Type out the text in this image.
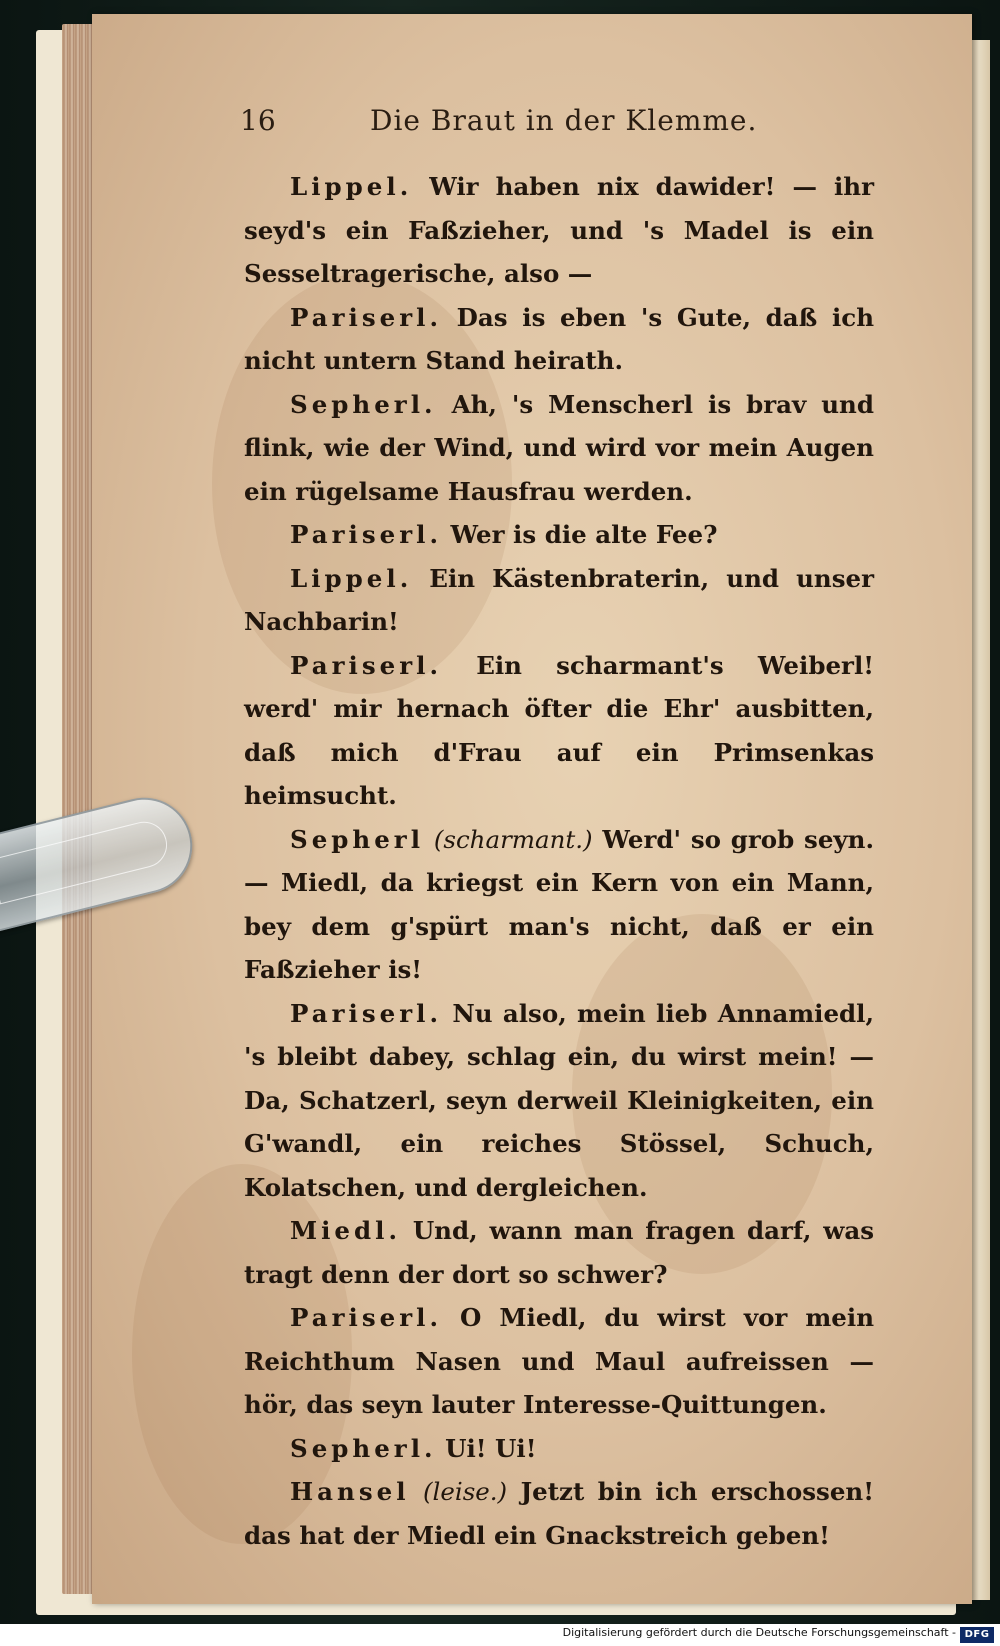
16	Die Braut in der Klemme.

Lippel. Wir haben nix dawider! — ihr seyd's ein Faßzieher, und 's Madel is ein Sesseltragerische, also —

Pariserl. Das is eben 's Gute, daß ich nicht untern Stand heirath.

Sepherl. Ah, 's Menscherl is brav und flink, wie der Wind, und wird vor mein Augen ein rügelsame Hausfrau werden.

Pariserl. Wer is die alte Fee?

Lippel. Ein Kästenbraterin, und unser Nachbarin!

Pariserl. Ein scharmant's Weiberl! werd' mir hernach öfter die Ehr' ausbitten, daß mich d'Frau auf ein Primsenkas heimsucht.

Sepherl (scharmant.) Werd' so grob seyn. — Miedl, da kriegst ein Kern von ein Mann, bey dem g'spürt man's nicht, daß er ein Faßzieher is!

Pariserl. Nu also, mein lieb Annamiedl, 's bleibt dabey, schlag ein, du wirst mein! — Da, Schatzerl, seyn derweil Kleinigkeiten, ein G'wandl, ein reiches Stössel, Schuch, Kolatschen, und dergleichen.

Miedl. Und, wann man fragen darf, was tragt denn der dort so schwer?

Pariserl. O Miedl, du wirst vor mein Reichthum Nasen und Maul aufreissen — hör, das seyn lauter Interesse-Quittungen.

Sepherl. Ui! Ui!

Hansel (leise.) Jetzt bin ich erschossen! das hat der Miedl ein Gnackstreich geben!

Digitalisierung gefördert durch die Deutsche Forschungsgemeinschaft - DFG
